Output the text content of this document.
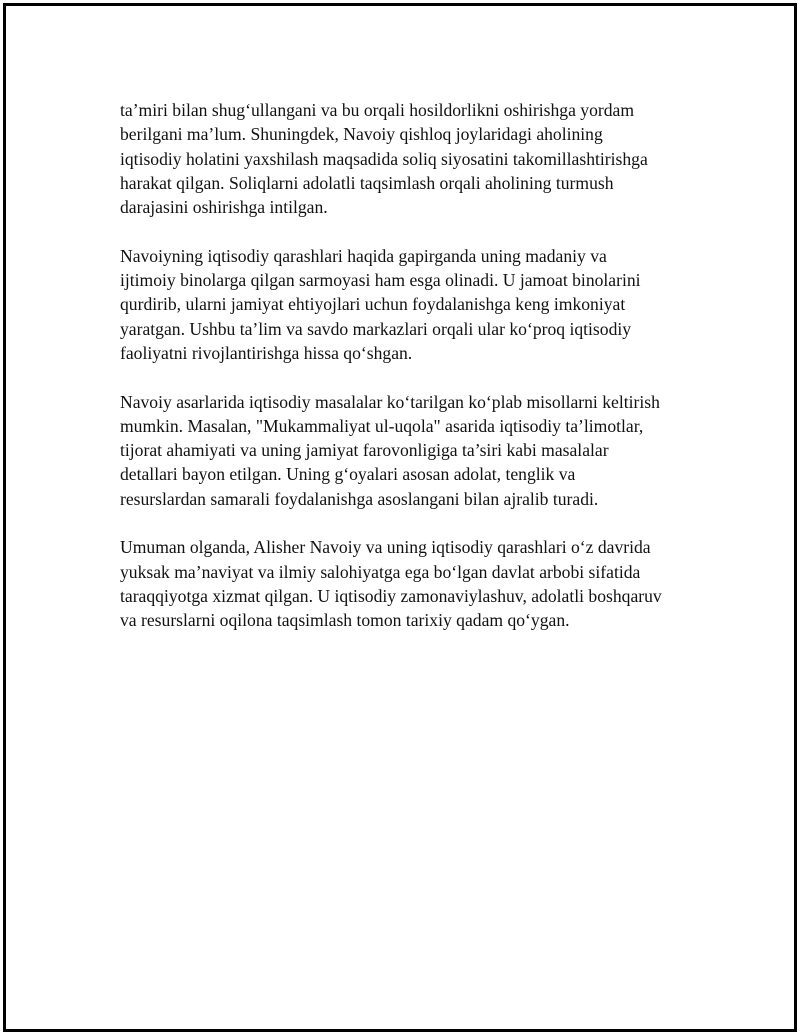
ta’miri bilan shug‘ullangani va bu orqali hosildorlikni oshirishga yordam
berilgani ma’lum. Shuningdek, Navoiy qishloq joylaridagi aholining
iqtisodiy holatini yaxshilash maqsadida soliq siyosatini takomillashtirishga
harakat qilgan. Soliqlarni adolatli taqsimlash orqali aholining turmush
darajasini oshirishga intilgan.

Navoiyning iqtisodiy qarashlari haqida gapirganda uning madaniy va
ijtimoiy binolarga qilgan sarmoyasi ham esga olinadi. U jamoat binolarini
qurdirib, ularni jamiyat ehtiyojlari uchun foydalanishga keng imkoniyat
yaratgan. Ushbu ta’lim va savdo markazlari orqali ular ko‘proq iqtisodiy
faoliyatni rivojlantirishga hissa qo‘shgan.

Navoiy asarlarida iqtisodiy masalalar ko‘tarilgan ko‘plab misollarni keltirish
mumkin. Masalan, "Mukammaliyat ul-uqola" asarida iqtisodiy ta’limotlar,
tijorat ahamiyati va uning jamiyat farovonligiga ta’siri kabi masalalar
detallari bayon etilgan. Uning g‘oyalari asosan adolat, tenglik va
resurslardan samarali foydalanishga asoslangani bilan ajralib turadi.

Umuman olganda, Alisher Navoiy va uning iqtisodiy qarashlari o‘z davrida
yuksak ma’naviyat va ilmiy salohiyatga ega bo‘lgan davlat arbobi sifatida
taraqqiyotga xizmat qilgan. U iqtisodiy zamonaviylashuv, adolatli boshqaruv
va resurslarni oqilona taqsimlash tomon tarixiy qadam qo‘ygan.
